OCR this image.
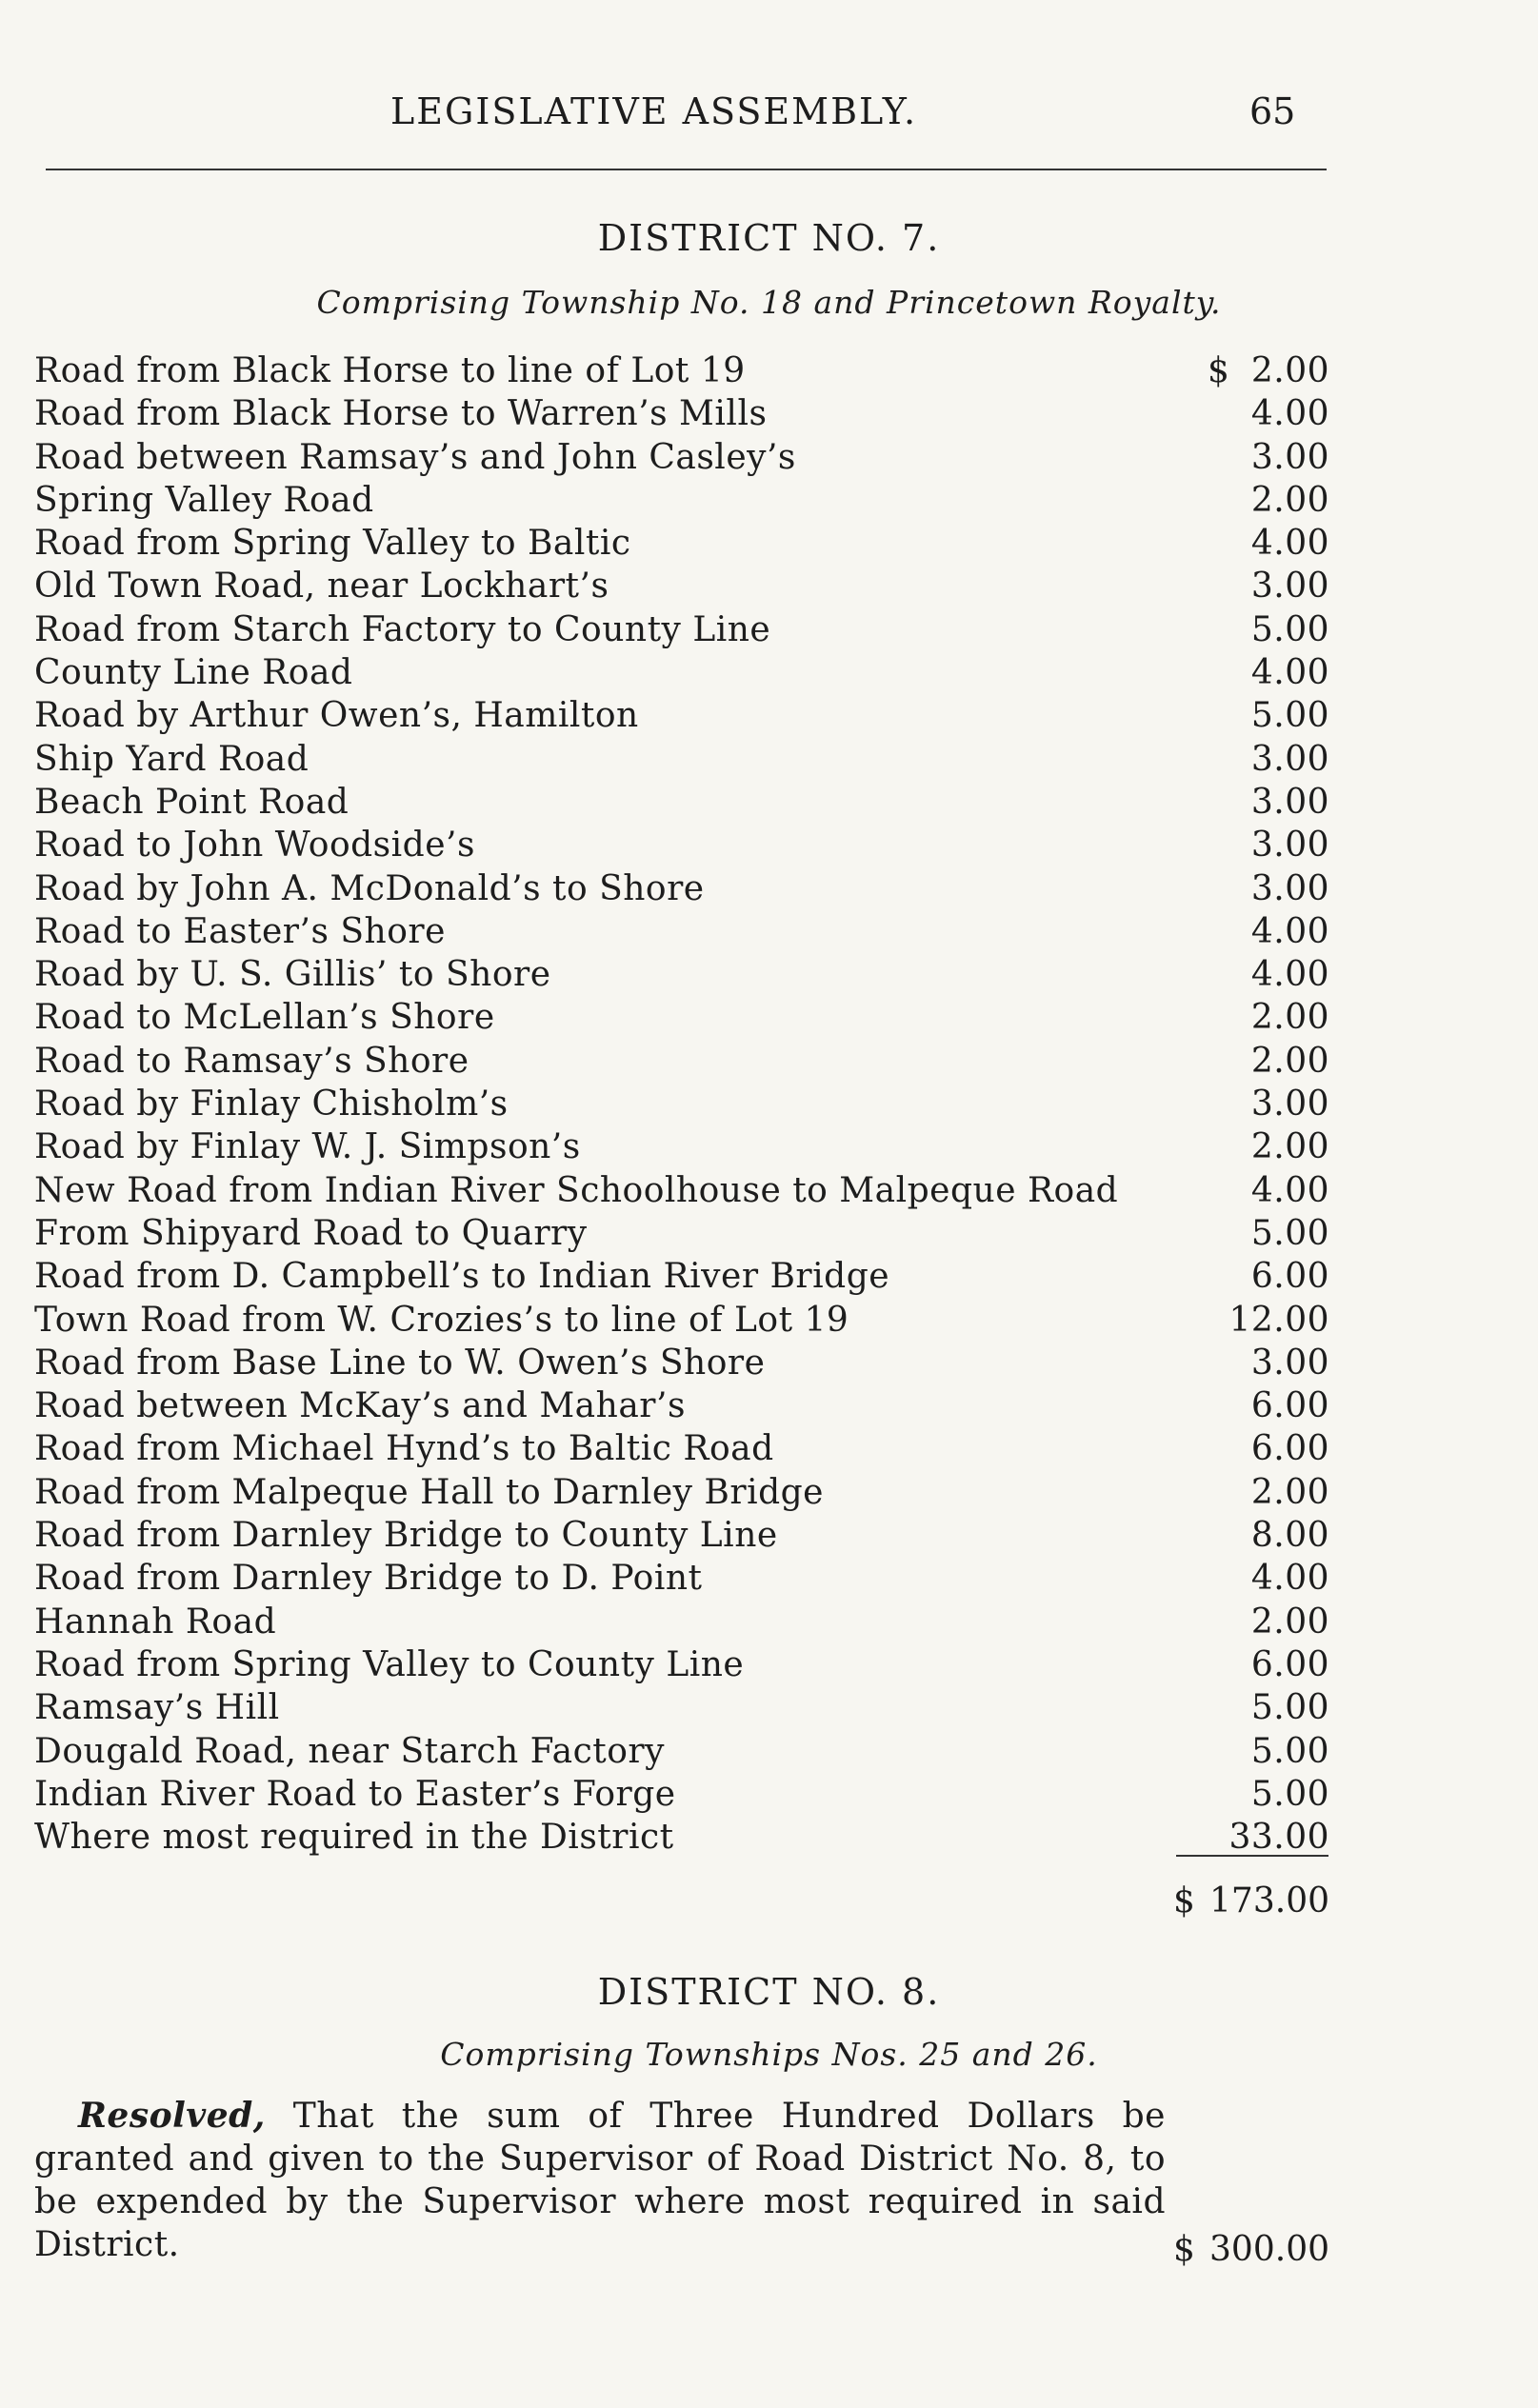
LEGISLATIVE ASSEMBLY.	65
DISTRICT NO. 7.
Comprising Township No. 18 and Princetown Royalty.
Road from Black Horse to line of Lot 19	$ 2.00
Road from Black Horse to Warren’s Mills	4.00
Road between Ramsay’s and John Casley’s	3.00
Spring Valley Road	2.00
Road from Spring Valley to Baltic	4.00
Old Town Road, near Lockhart’s	3.00
Road from Starch Factory to County Line	5.00
County Line Road	4.00
Road by Arthur Owen’s, Hamilton	5.00
Ship Yard Road	3.00
Beach Point Road	3.00
Road to John Woodside’s	3.00
Road by John A. McDonald’s to Shore	3.00
Road to Easter’s Shore	4.00
Road by U. S. Gillis’ to Shore	4.00
Road to McLellan’s Shore	2.00
Road to Ramsay’s Shore	2.00
Road by Finlay Chisholm’s	3.00
Road by Finlay W. J. Simpson’s	2.00
New Road from Indian River Schoolhouse to Malpeque Road	4.00
From Shipyard Road to Quarry	5.00
Road from D. Campbell’s to Indian River Bridge	6.00
Town Road from W. Crozies’s to line of Lot 19	12.00
Road from Base Line to W. Owen’s Shore	3.00
Road between McKay’s and Mahar’s	6.00
Road from Michael Hynd’s to Baltic Road	6.00
Road from Malpeque Hall to Darnley Bridge	2.00
Road from Darnley Bridge to County Line	8.00
Road from Darnley Bridge to D. Point	4.00
Hannah Road	2.00
Road from Spring Valley to County Line	6.00
Ramsay’s Hill	5.00
Dougald Road, near Starch Factory	5.00
Indian River Road to Easter’s Forge	5.00
Where most required in the District	33.00
$ 173.00
DISTRICT NO. 8.
Comprising Townships Nos. 25 and 26.
Resolved, That the sum of Three Hundred Dollars be granted and given to the Supervisor of Road District No. 8, to be expended by the Supervisor where most required in said District.	$ 300.00
